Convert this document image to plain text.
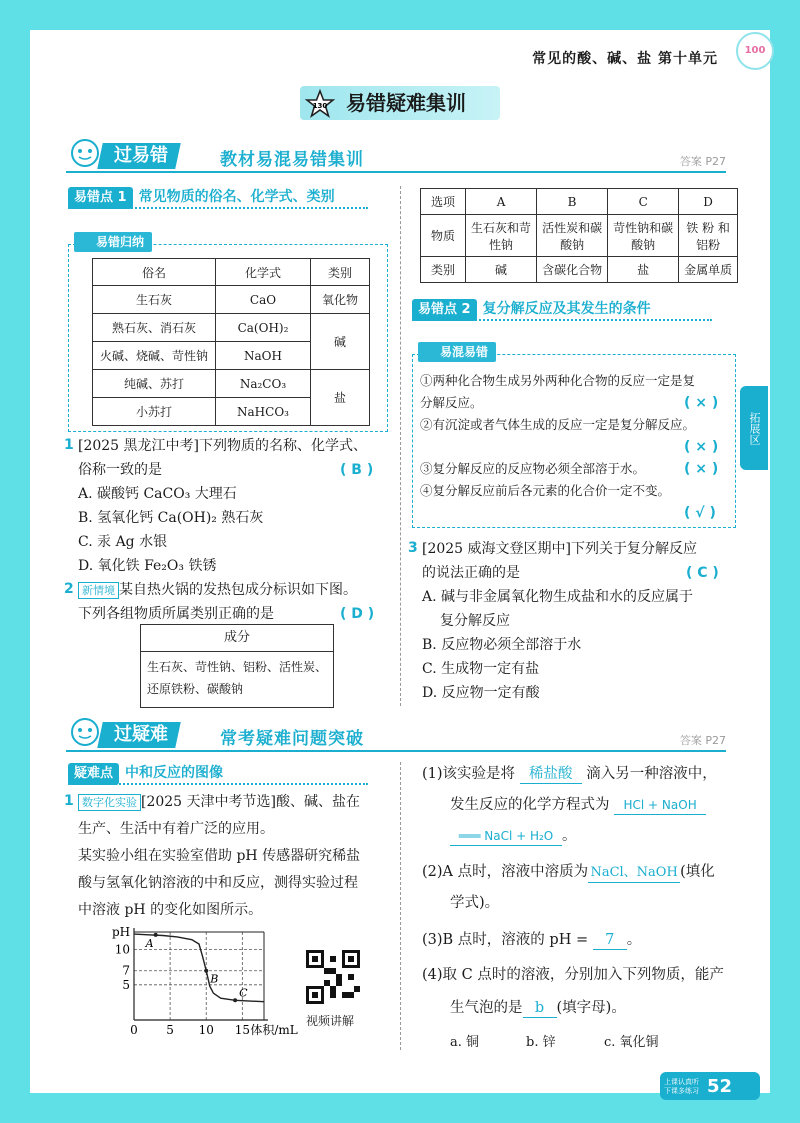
常见的酸、碱、盐 第十单元
100
易错疑难集训
130
拓展区
过易错	教材易混易错集训	答案 P27
易错点 1 常见物质的俗名、化学式、类别
易错归纳
俗名	化学式	类别
生石灰	CaO	氧化物
熟石灰、消石灰	Ca(OH)₂	碱
火碱、烧碱、苛性钠	NaOH	
纯碱、苏打	Na₂CO₃	盐
小苏打	NaHCO₃	
1 [2025 黑龙江中考]下列物质的名称、化学式、
俗称一致的是	( B )
A. 碳酸钙 CaCO₃ 大理石
B. 氢氧化钙 Ca(OH)₂ 熟石灰
C. 汞 Ag 水银
D. 氧化铁 Fe₂O₃ 铁锈
2 新情境 某自热火锅的发热包成分标识如下图。
下列各组物质所属类别正确的是	( D )
成分
生石灰、苛性钠、铝粉、活性炭、
还原铁粉、碳酸钠
选项	A	B	C	D
物质	生石灰和苛性钠	活性炭和碳酸钠	苛性钠和碳酸钠	铁 粉 和铝粉
类别	碱	含碳化合物	盐	金属单质
易错点 2 复分解反应及其发生的条件
易混易错
①两种化合物生成另外两种化合物的反应一定是复
分解反应。	( × )
②有沉淀或者气体生成的反应一定是复分解反应。
( × )
③复分解反应的反应物必须全部溶于水。	( × )
④复分解反应前后各元素的化合价一定不变。
( √ )
3 [2025 威海文登区期中]下列关于复分解反应
的说法正确的是	( C )
A. 碱与非金属氧化物生成盐和水的反应属于
复分解反应
B. 反应物必须全部溶于水
C. 生成物一定有盐
D. 反应物一定有酸
过疑难	常考疑难问题突破	答案 P27
疑难点 中和反应的图像
1 数字化实验 [2025 天津中考节选]酸、碱、盐在
生产、生活中有着广泛的应用。
某实验小组在实验室借助 pH 传感器研究稀盐
酸与氢氧化钠溶液的中和反应，测得实验过程
中溶液 pH 的变化如图所示。
0 5 10 15
5
7
10 A
B
C
pH
体积/mL
视频讲解
(1)该实验是将 稀盐酸 滴入另一种溶液中，
发生反应的化学方程式为 HCl + NaOH
═══ NaCl + H₂O 。
(2)A 点时，溶液中溶质为 NaCl、NaOH (填化
学式)。
(3)B 点时，溶液的 pH = 7 。
(4)取 C 点时的溶液，分别加入下列物质，能产
生气泡的是 b (填字母)。
a. 铜	b. 锌	c. 氧化铜
上课认真听 下课多练习 52
